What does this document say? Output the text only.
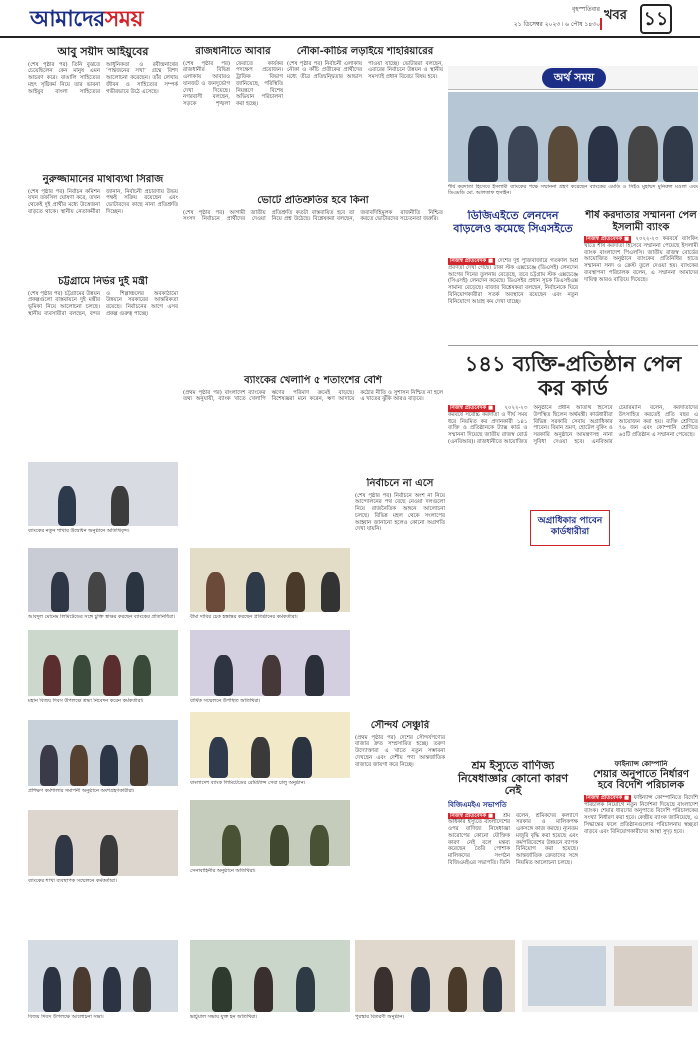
আমাদেরসময়	বৃহস্পতিবার
২১ ডিসেম্বর ২০২৩ ৷ ৬ পৌষ ১৪৩০
খবর ১১
আবু সয়ীদ আইয়ুবের
(শেষ পৃষ্ঠার পর) তিনি বুঝতে চেয়েছিলেন কেন মানুষ এমন আচরণ করে। বাঙালি সাহিত্যের মহৎ সৃষ্টিকর্ম নিয়ে তার ভাবনা আইয়ুব বাংলা সাহিত্যের আধুনিকতা ও রবীন্দ্রনাথের ‘পান্থজনের সখা’ গ্রন্থে বিশদ আলোচনা করেছেন। তাঁর লেখায় জীবন ও সাহিত্যের সম্পর্ক গভীরভাবে উঠে এসেছে।
নুরুজ্জামানের মাথাব্যথা সিরাজ
(শেষ পৃষ্ঠার পর) নির্বাচন কমিশন যখন তফসিল ঘোষণা করে, তখন থেকেই দুই প্রার্থীর মধ্যে উত্তেজনা বাড়তে থাকে। স্থানীয় নেতাকর্মীরা জানান, নির্বাচনী প্রচারণায় উভয় পক্ষই সক্রিয় রয়েছেন এবং ভোটারদের কাছে নানা প্রতিশ্রুতি দিচ্ছেন।
চট্টগ্রামে নির্ভর দুই মন্ত্রী
(শেষ পৃষ্ঠার পর) চট্টগ্রামের উন্নয়ন প্রকল্পগুলো বাস্তবায়নে দুই মন্ত্রীর ভূমিকা নিয়ে আলোচনা চলছে। স্থানীয় ব্যবসায়ীরা বলছেন, বন্দর ও শিল্পাঞ্চলের অবকাঠামো উন্নয়নে সরকারের আন্তরিকতা রয়েছে। নির্বাচনের আগে এসব প্রকল্প গুরুত্ব পাচ্ছে।
রাজধানীতে আবার
(শেষ পৃষ্ঠার পর) রাজধানীর বিভিন্ন এলাকায় আবারও যানজট ও জনদুর্ভোগ দেখা দিয়েছে। নগরবাসী বলছেন, সড়কে শৃঙ্খলা ফেরাতে কার্যকর পদক্ষেপ প্রয়োজন। ট্রাফিক বিভাগ জানিয়েছে, পরিস্থিতি নিয়ন্ত্রণে বিশেষ অভিযান পরিচালনা করা হচ্ছে।
ভোটে প্রতিশ্রুতির হবে কিনা
(শেষ পৃষ্ঠার পর) আগামী জাতীয় সংসদ নির্বাচনে প্রার্থীদের দেওয়া প্রতিশ্রুতি কতটা বাস্তবায়িত হবে তা নিয়ে প্রশ্ন উঠেছে। বিশ্লেষকরা বলছেন, জবাবদিহিমূলক রাজনীতি নিশ্চিত করতে ভোটারদের সচেতনতা জরুরি।
নৌকা-কাঁচির লড়াইয়ে শাহরিয়ারের
(শেষ পৃষ্ঠার পর) নির্বাচনী এলাকায় নৌকা ও কাঁচি প্রতীকের প্রার্থীদের মধ্যে তীব্র প্রতিদ্বন্দ্বিতার আভাস পাওয়া যাচ্ছে। ভোটাররা বলছেন, এবারের নির্বাচনে উন্নয়ন ও স্থানীয় সমস্যাই প্রধান বিবেচ্য বিষয় হবে।
ব্যাংকের খেলাপি ৫ শতাংশের বেশি
(প্রথম পৃষ্ঠার পর) বাংলাদেশ ব্যাংকের তথ্য অনুযায়ী, ব্যাংক খাতে খেলাপি ঋণের পরিমাণ ক্রমেই বাড়ছে। বিশেষজ্ঞরা মনে করেন, ঋণ আদায়ে কঠোর নীতি ও সুশাসন নিশ্চিত না হলে এ খাতের ঝুঁকি আরও বাড়বে।
অর্থ সময়
শীর্ষ করদাতা হিসেবে ইসলামী ব্যাংকের পক্ষে সম্মাননা গ্রহণ করেছেন ব্যাংকের এমডি ও সিইও মুহাম্মদ মুনিরুল মওলা এবং ডিএমডি মো. আলতাফ হুসাইন।
ডিজিএইতে লেনদেন বাড়লেও কমেছে সিএসইতে
নিজস্ব প্রতিবেদক ■ দেশের দুই পুঁজিবাজারে গতকাল মিশ্র প্রবণতা দেখা গেছে। ঢাকা স্টক এক্সচেঞ্জে (ডিএসই) লেনদেন আগের দিনের তুলনায় বেড়েছে, তবে চট্টগ্রাম স্টক এক্সচেঞ্জে (সিএসই) লেনদেন কমেছে। ডিএসইর প্রধান সূচক ডিএসইএক্স সামান্য বেড়েছে। বাজার বিশ্লেষকরা বলছেন, নির্বাচনকে ঘিরে বিনিয়োগকারীরা সতর্ক অবস্থানে রয়েছেন এবং নতুন বিনিয়োগে আগ্রহ কম দেখা যাচ্ছে।
শীর্ষ করদাতার সম্মাননা পেল ইসলামী ব্যাংক
নিজস্ব প্রতিবেদক ■ ২০২২-২৩ করবর্ষে ব্যাংকিং খাতে শীর্ষ করদাতা হিসেবে সম্মাননা পেয়েছে ইসলামী ব্যাংক বাংলাদেশ পিএলসি। জাতীয় রাজস্ব বোর্ডের আয়োজিত অনুষ্ঠানে ব্যাংকের প্রতিনিধির হাতে সম্মাননা সনদ ও ক্রেস্ট তুলে দেওয়া হয়। ব্যাংকের ব্যবস্থাপনা পরিচালক বলেন, এ সম্মাননা আমাদের দায়িত্ব আরও বাড়িয়ে দিয়েছে।
১৪১ ব্যক্তি-প্রতিষ্ঠান পেল কর কার্ড
নিজস্ব প্রতিবেদক ■ ২০২২-২৩ করবর্ষে সর্বোচ্চ করদাতা ও দীর্ঘ সময় ধরে নিয়মিত কর প্রদানকারী ১৪১ ব্যক্তি ও প্রতিষ্ঠানকে ট্যাক্স কার্ড ও সম্মাননা দিয়েছে জাতীয় রাজস্ব বোর্ড (এনবিআর)। রাজধানীতে আয়োজিত অনুষ্ঠানে প্রধান অতিথি হিসেবে উপস্থিত ছিলেন অর্থমন্ত্রী। কার্ডধারীরা বিভিন্ন সরকারি সেবায় অগ্রাধিকার পাবেন। বিমান ভ্রমণ, হোটেল বুকিং ও সরকারি অনুষ্ঠানে আমন্ত্রণসহ নানা সুবিধা দেওয়া হবে। এনবিআর চেয়ারম্যান বলেন, করদাতাদের উৎসাহিত করতেই প্রতি বছর এ আয়োজন করা হয়। ব্যক্তি শ্রেণিতে ৭৬ জন এবং কোম্পানি শ্রেণিতে ৬৫টি প্রতিষ্ঠান এ সম্মাননা পেয়েছে।
অগ্রাধিকার পাবেন কার্ডধারীরা
নির্বাচনে না এসে
(শেষ পৃষ্ঠার পর) নির্বাচনে অংশ না নিয়ে আন্দোলনের পথ বেছে নেওয়া দলগুলো নিয়ে রাজনৈতিক অঙ্গনে আলোচনা চলছে। বিভিন্ন মহল থেকে সংলাপের আহ্বান জানানো হলেও কোনো অগ্রগতি দেখা যায়নি।
সৌন্দর্য সেঞ্চুরি
(প্রথম পৃষ্ঠার পর) দেশের সৌন্দর্যপণ্যের বাজার দ্রুত সম্প্রসারিত হচ্ছে। তরুণ উদ্যোক্তারা এ খাতে নতুন সম্ভাবনা দেখছেন এবং দেশীয় পণ্য আন্তর্জাতিক বাজারে জায়গা করে নিচ্ছে।	শ্রম ইস্যুতে বাণিজ্য নিষেধাজ্ঞার কোনো কারণ নেই
বিজিএমইএ সভাপতি
নিজস্ব প্রতিবেদক ■ শ্রম অধিকার ইস্যুতে বাংলাদেশের ওপর বাণিজ্য নিষেধাজ্ঞা আরোপের কোনো যৌক্তিক কারণ নেই বলে মন্তব্য করেছেন তৈরি পোশাক মালিকদের সংগঠন বিজিএমইএর সভাপতি। তিনি বলেন, শ্রমিকদের কল্যাণে সরকার ও মালিকপক্ষ একসঙ্গে কাজ করছে। ন্যূনতম মজুরি বৃদ্ধি করা হয়েছে এবং কর্মপরিবেশের উন্নয়নে ব্যাপক বিনিয়োগ করা হয়েছে। আন্তর্জাতিক ক্রেতাদের সঙ্গে নিয়মিত আলোচনা চলছে।
ফাইন্যান্স কোম্পানি
শেয়ার অনুপাতে নির্ধারণ হবে বিদেশি পরিচালক
নিজস্ব প্রতিবেদক ■ ফাইন্যান্স কোম্পানিতে বিদেশি পরিচালক নিয়োগে নতুন নির্দেশনা দিয়েছে বাংলাদেশ ব্যাংক। শেয়ার ধারণের অনুপাতে বিদেশি পরিচালকের সংখ্যা নির্ধারণ করা হবে। কেন্দ্রীয় ব্যাংক জানিয়েছে, এ সিদ্ধান্তের ফলে প্রতিষ্ঠানগুলোর পরিচালনায় স্বচ্ছতা বাড়বে এবং বিনিয়োগকারীদের আস্থা সুদৃঢ় হবে।
ব্যাংকের নতুন শাখার উদ্বোধন অনুষ্ঠানে অতিথিবৃন্দ।
আবদুল মোনেম লিমিটেডের সঙ্গে চুক্তি স্বাক্ষর করছেন ব্যাংকের প্রতিনিধিরা।	বীমা দাবির চেক হস্তান্তর করছেন প্রতিষ্ঠানের কর্মকর্তারা।
মহান বিজয় দিবস উপলক্ষে শ্রদ্ধা নিবেদন করেন কর্মকর্তারা।	বার্ষিক সম্মেলনে উপস্থিত অতিথিরা।
বাংলাদেশ ব্যাংক লিমিটেডের রেমিট্যান্স সেবা চালু অনুষ্ঠান।
প্রশিক্ষণ কর্মশালার সমাপনী অনুষ্ঠানে অংশগ্রহণকারীরা।
সেনাবাহিনীর অনুষ্ঠানে অতিথিরা।
ব্যাংকের শাখা ব্যবস্থাপক সম্মেলনে কর্মকর্তারা।
বিজয় দিবস উপলক্ষে আলোচনা সভা।	ভার্চুয়াল সভায় যুক্ত হন অতিথিরা।	পুরস্কার বিতরণী অনুষ্ঠান।
